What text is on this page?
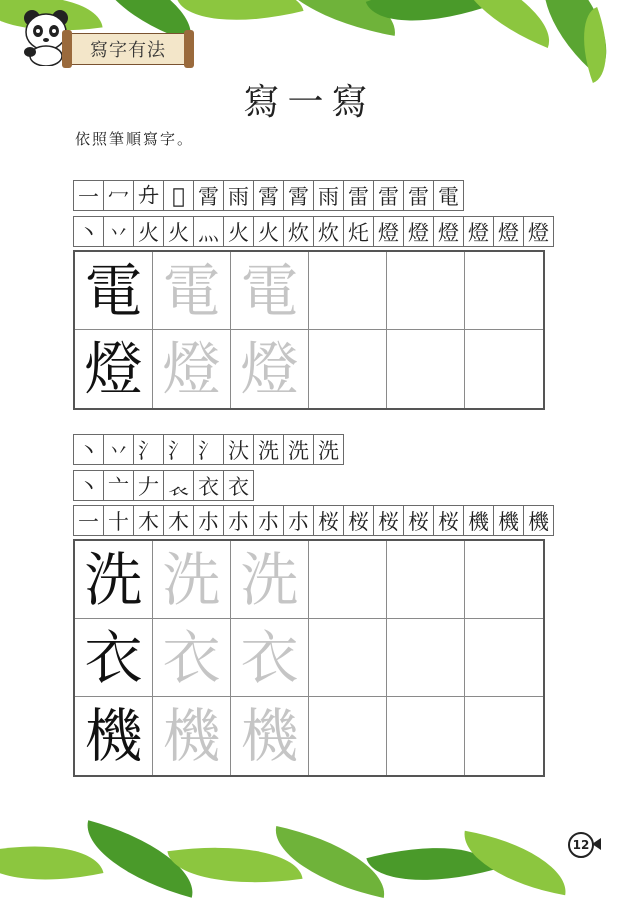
寫字有法
寫一寫
依照筆順寫字。
一 冖 𠔾 𫜚 霄 雨 霄 霄 雨 雷 雷 雷 電
丶 丷 火 火 灬 火 火 炊 炊 灹 燈 燈 燈 燈 燈 燈
電 電 電
燈 燈 燈
丶 丷 氵 氵 氵 汏 洗 洗 洗
丶 亠 𠂇 𧘇 衣 衣
一 十 木 木 朩 朩 朩 朩 桜 桜 桜 桜 桜 機 機 機
洗 洗 洗
衣 衣 衣
機 機 機
12
